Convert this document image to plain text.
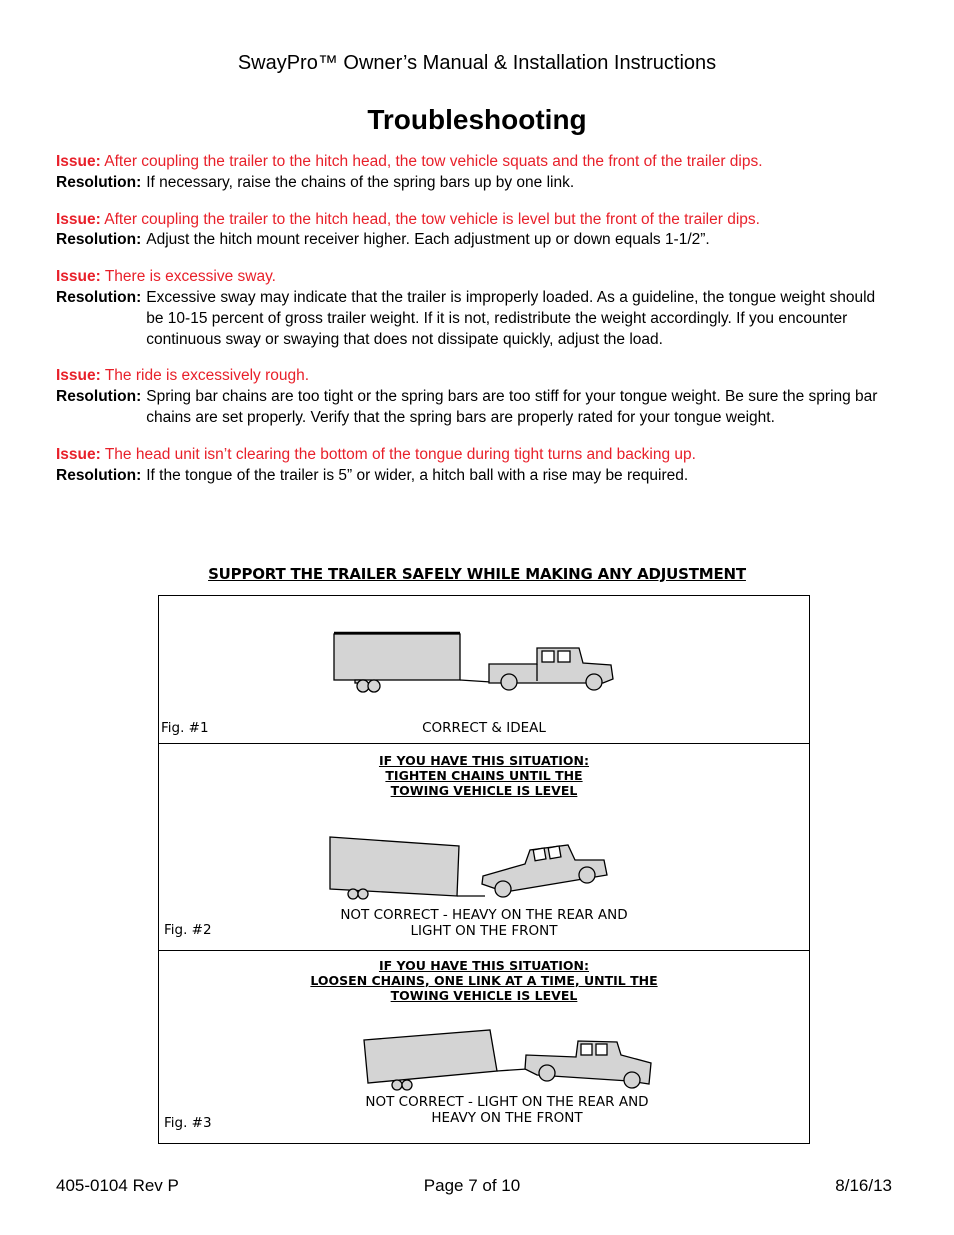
SwayPro™ Owner’s Manual & Installation Instructions
Troubleshooting
Issue: After coupling the trailer to the hitch head, the tow vehicle squats and the front of the trailer dips.
Resolution: If necessary, raise the chains of the spring bars up by one link.
Issue: After coupling the trailer to the hitch head, the tow vehicle is level but the front of the trailer dips.
Resolution: Adjust the hitch mount receiver higher. Each adjustment up or down equals 1-1/2”.
Issue: There is excessive sway.
Resolution: Excessive sway may indicate that the trailer is improperly loaded. As a guideline, the tongue weight should be 10-15 percent of gross trailer weight. If it is not, redistribute the weight accordingly. If you encounter continuous sway or swaying that does not dissipate quickly, adjust the load.
Issue: The ride is excessively rough.
Resolution: Spring bar chains are too tight or the spring bars are too stiff for your tongue weight. Be sure the spring bar chains are set properly. Verify that the spring bars are properly rated for your tongue weight.
Issue: The head unit isn’t clearing the bottom of the tongue during tight turns and backing up.
Resolution: If the tongue of the trailer is 5” or wider, a hitch ball with a rise may be required.
SUPPORT THE TRAILER SAFELY WHILE MAKING ANY ADJUSTMENT
Fig. #1	CORRECT & IDEAL
IF YOU HAVE THIS SITUATION:
TIGHTEN CHAINS UNTIL THE
TOWING VEHICLE IS LEVEL
Fig. #2
NOT CORRECT - HEAVY ON THE REAR AND
LIGHT ON THE FRONT
IF YOU HAVE THIS SITUATION:
LOOSEN CHAINS, ONE LINK AT A TIME, UNTIL THE
TOWING VEHICLE IS LEVEL
Fig. #3
NOT CORRECT - LIGHT ON THE REAR AND
HEAVY ON THE FRONT
405-0104 Rev P	Page 7 of 10	8/16/13
